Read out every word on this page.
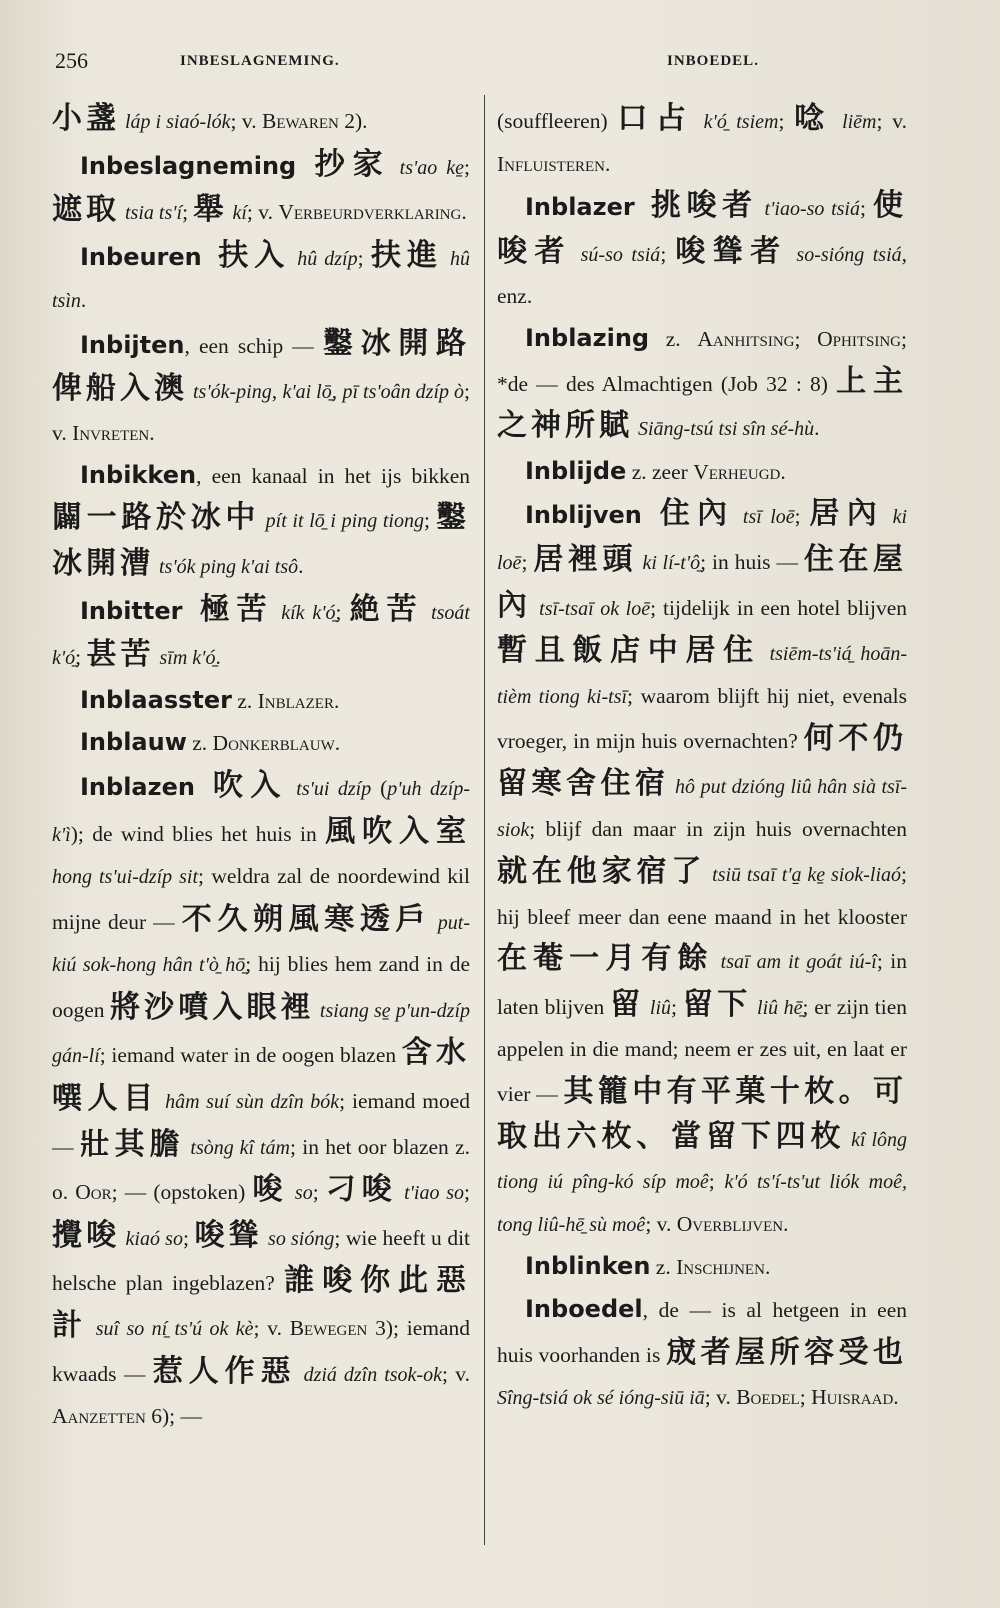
256	INBESLAGNEMING.	INBOEDEL.

小盞 láp i siaó-lók; v. Bewaren 2).

Inbeslagneming 抄家 ts'ao ke̱; 遮取 tsia ts'í; 舉 kí; v. Verbeurdverklaring.

Inbeuren 扶入 hû dzíp; 扶進 hû tsìn.

Inbijten, een schip — 鑿冰開路俾船入澳 ts'ók-ping, k'ai lō̱, pī ts'oân dzíp ò; v. Invreten.

Inbikken, een kanaal in het ijs bikken 闢一路於冰中 pít it lō̱ i ping tiong; 鑿冰開漕 ts'ók ping k'ai tsô.

Inbitter 極苦 kík k'ó̱; 絶苦 tsoát k'ó̱; 甚苦 sīm k'ó̱.

Inblaasster z. Inblazer.

Inblauw z. Donkerblauw.

Inblazen 吹入 ts'ui dzíp (p'uh dzíp-k'ì); de wind blies het huis in 風吹入室 hong ts'ui-dzíp sit; weldra zal de noordewind kil mijne deur — 不久朔風寒透戶 put-kiú sok-hong hân t'ò̱ hō̱; hij blies hem zand in de oogen 將沙噴入眼裡 tsiang se̱ p'un-dzíp gán-lí; iemand water in de oogen blazen 含水噀人目 hâm suí sùn dzîn bók; iemand moed — 壯其膽 tsòng kî tám; in het oor blazen z. o. Oor; — (opstoken) 唆 so; 刁唆 t'iao so; 攪唆 kiaó so; 唆聳 so sióng; wie heeft u dit helsche plan ingeblazen? 誰唆你此惡計 suî so ní̱ ts'ú ok kè; v. Bewegen 3); iemand kwaads — 惹人作惡 dziá dzîn tsok-ok; v. Aanzetten 6); —

(souffleeren) 口占 k'ó̱ tsiem; 唸 liēm; v. Influisteren.

Inblazer 挑唆者 t'iao-so tsiá; 使唆者 sú-so tsiá; 唆聳者 so-sióng tsiá, enz.

Inblazing z. Aanhitsing; Ophitsing; *de — des Almachtigen (Job 32 : 8) 上主之神所賦 Siāng-tsú tsi sîn sé-hù.

Inblijde z. zeer Verheugd.

Inblijven 住內 tsī loē; 居內 ki loē; 居裡頭 ki lí-t'ô̱; in huis — 住在屋內 tsī-tsaī ok loē; tijdelijk in een hotel blijven 暫且飯店中居住 tsiēm-ts'iá̱ hoān-tièm tiong ki-tsī; waarom blijft hij niet, evenals vroeger, in mijn huis overnachten? 何不仍留寒舍住宿 hô put dzióng liû hân sià tsī-siok; blijf dan maar in zijn huis overnachten 就在他家宿了 tsiū tsaī t'a̱ ke̱ siok-liaó; hij bleef meer dan eene maand in het klooster 在菴一月有餘 tsaī am it goát iú-î; in laten blijven 留 liû; 留下 liû hē̱; er zijn tien appelen in die mand; neem er zes uit, en laat er vier — 其籠中有平菓十枚。可取出六枚、當留下四枚 kî lông tiong iú pîng-kó síp moê; k'ó ts'í-ts'ut liók moê, tong liû-hē̱ sù moê; v. Overblijven.

Inblinken z. Inschijnen.

Inboedel, de — is al hetgeen in een huis voorhanden is 宬者屋所容受也 Sîng-tsiá ok sé ióng-siū iā; v. Boedel; Huisraad.
